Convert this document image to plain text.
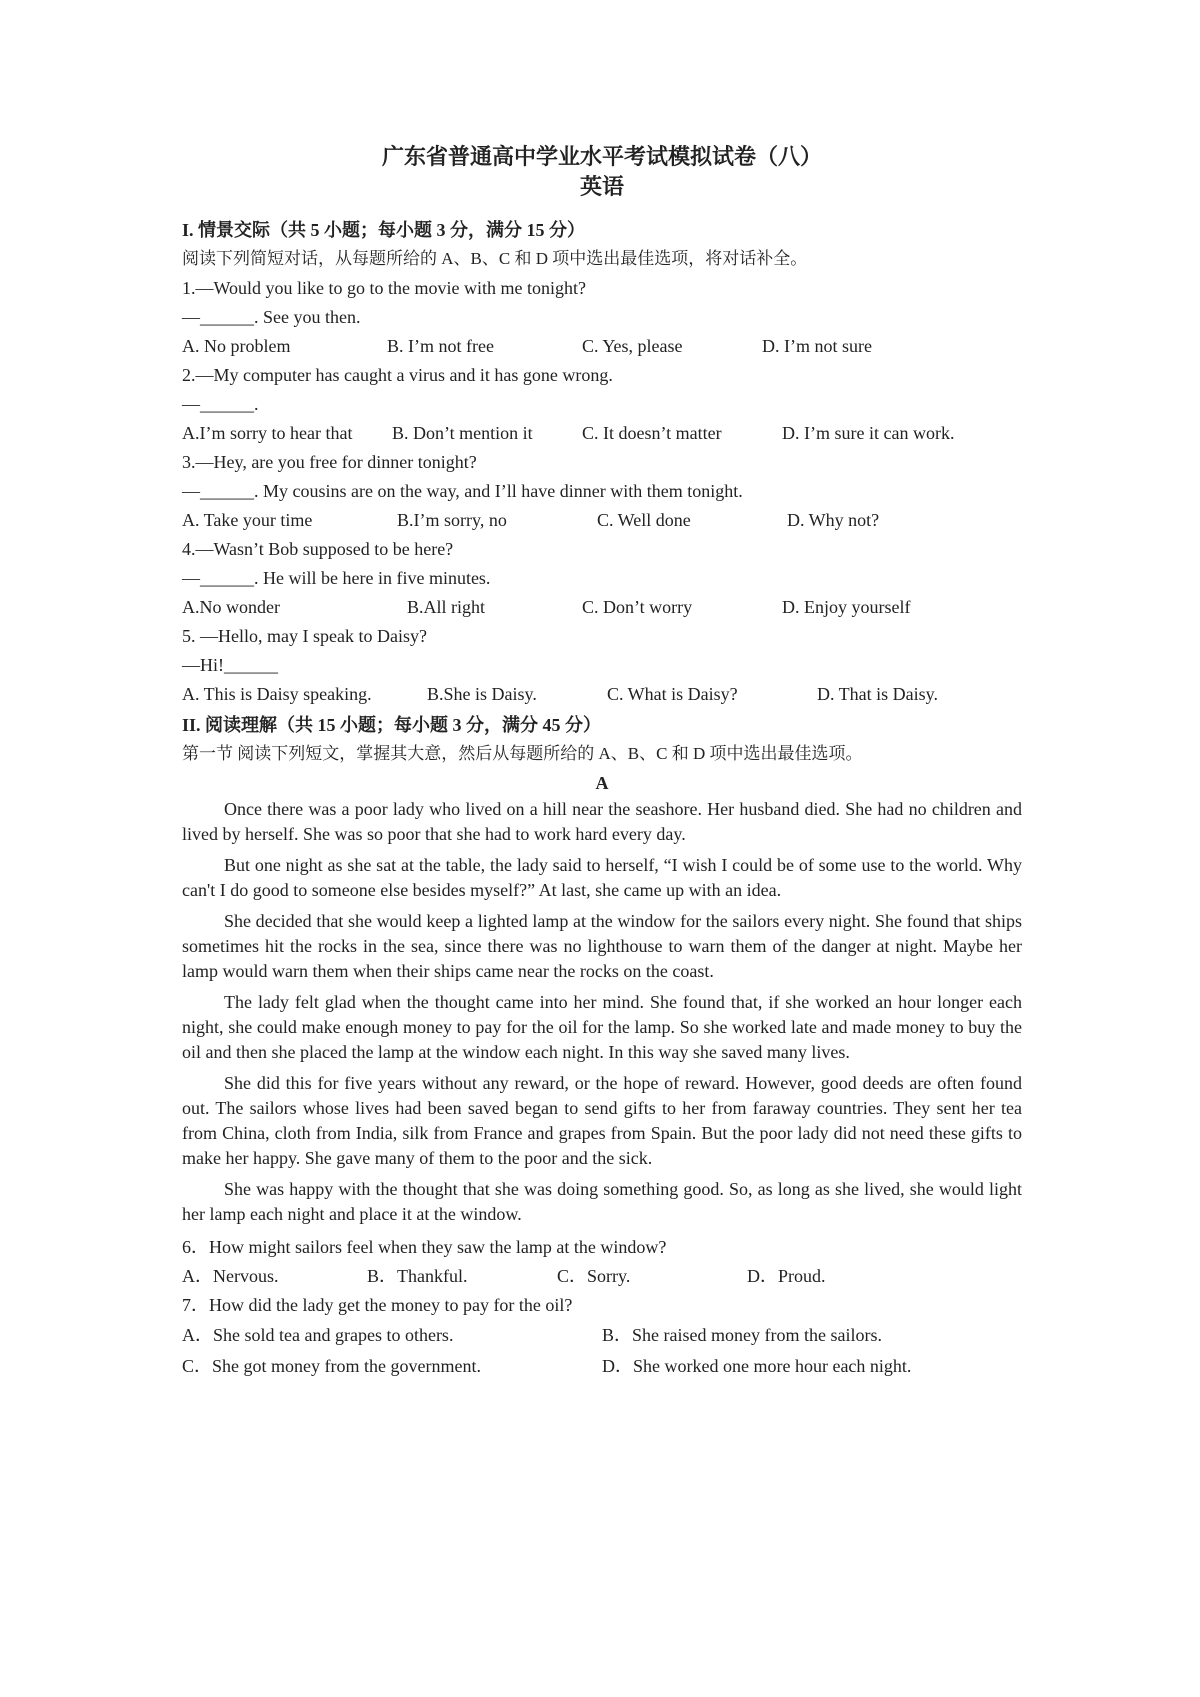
广东省普通高中学业水平考试模拟试卷（八）
英语
I. 情景交际（共 5 小题；每小题 3 分，满分 15 分）
阅读下列简短对话，从每题所给的 A、B、C 和 D 项中选出最佳选项，将对话补全。
1.—Would you like to go to the movie with me tonight?
—______. See you then.
A. No problem	B. I’m not free	C. Yes, please	D. I’m not sure
2.—My computer has caught a virus and it has gone wrong.
—______.
A.I’m sorry to hear that	B. Don’t mention it	C. It doesn’t matter	D. I’m sure it can work.
3.—Hey, are you free for dinner tonight?
—______. My cousins are on the way, and I’ll have dinner with them tonight.
A. Take your time	B.I’m sorry, no	C. Well done	D. Why not?
4.—Wasn’t Bob supposed to be here?
—______. He will be here in five minutes.
A.No wonder	B.All right	C. Don’t worry	D. Enjoy yourself
5. —Hello, may I speak to Daisy?
—Hi!______
A. This is Daisy speaking.	B.She is Daisy.	C. What is Daisy?	D. That is Daisy.
II. 阅读理解（共 15 小题；每小题 3 分，满分 45 分）
第一节 阅读下列短文，掌握其大意，然后从每题所给的 A、B、C 和 D 项中选出最佳选项。
A

Once there was a poor lady who lived on a hill near the seashore. Her husband died. She had no children and lived by herself. She was so poor that she had to work hard every day.

But one night as she sat at the table, the lady said to herself, “I wish I could be of some use to the world. Why can't I do good to someone else besides myself?” At last, she came up with an idea.

She decided that she would keep a lighted lamp at the window for the sailors every night. She found that ships sometimes hit the rocks in the sea, since there was no lighthouse to warn them of the danger at night. Maybe her lamp would warn them when their ships came near the rocks on the coast.

The lady felt glad when the thought came into her mind. She found that, if she worked an hour longer each night, she could make enough money to pay for the oil for the lamp. So she worked late and made money to buy the oil and then she placed the lamp at the window each night. In this way she saved many lives.

She did this for five years without any reward, or the hope of reward. However, good deeds are often found out. The sailors whose lives had been saved began to send gifts to her from faraway countries. They sent her tea from China, cloth from India, silk from France and grapes from Spain. But the poor lady did not need these gifts to make her happy. She gave many of them to the poor and the sick.

She was happy with the thought that she was doing something good. So, as long as she lived, she would light her lamp each night and place it at the window.

6．How might sailors feel when they saw the lamp at the window?
A．Nervous.	B．Thankful.	C．Sorry.	D．Proud.
7．How did the lady get the money to pay for the oil?
A．She sold tea and grapes to others.	B．She raised money from the sailors.
C．She got money from the government.	D．She worked one more hour each night.
